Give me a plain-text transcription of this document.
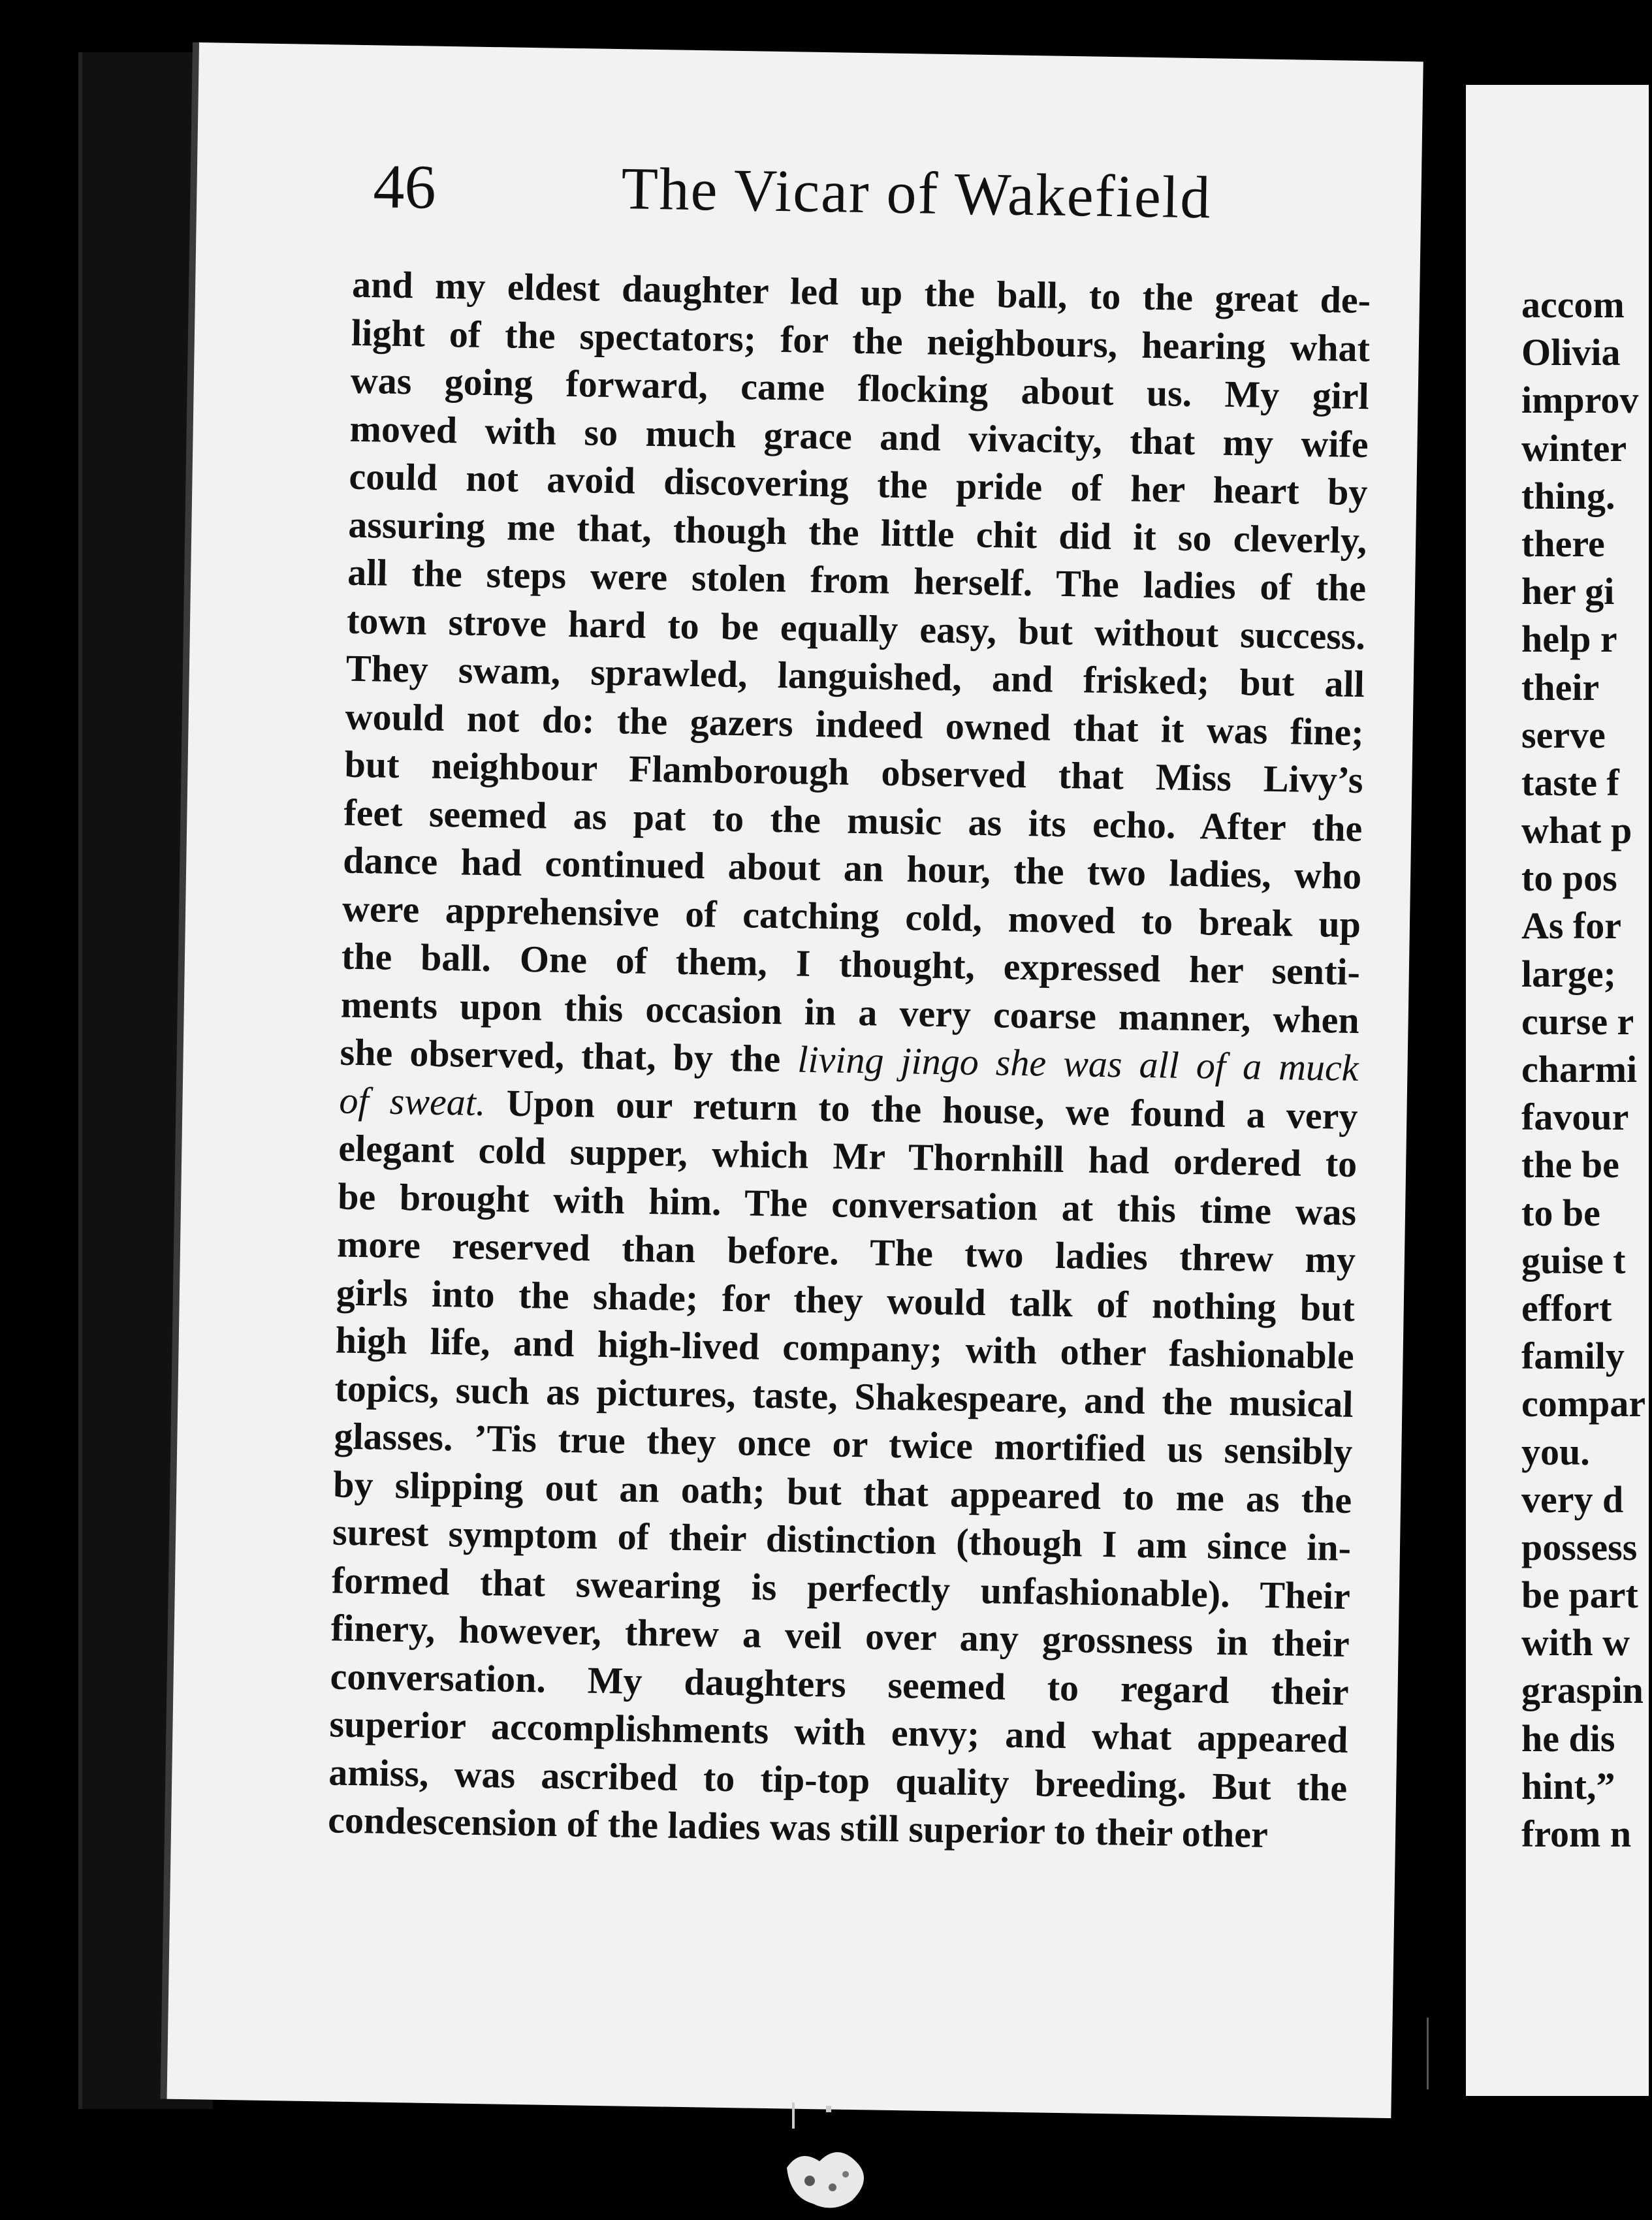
46	The Vicar of Wakefield
and my eldest daughter led up the ball, to the great de-
light of the spectators; for the neighbours, hearing what
was going forward, came flocking about us. My girl
moved with so much grace and vivacity, that my wife
could not avoid discovering the pride of her heart by
assuring me that, though the little chit did it so cleverly,
all the steps were stolen from herself. The ladies of the
town strove hard to be equally easy, but without success.
They swam, sprawled, languished, and frisked; but all
would not do: the gazers indeed owned that it was fine;
but neighbour Flamborough observed that Miss Livy’s
feet seemed as pat to the music as its echo. After the
dance had continued about an hour, the two ladies, who
were apprehensive of catching cold, moved to break up
the ball. One of them, I thought, expressed her senti-
ments upon this occasion in a very coarse manner, when
she observed, that, by the living jingo she was all of a muck
of sweat. Upon our return to the house, we found a very
elegant cold supper, which Mr Thornhill had ordered to
be brought with him. The conversation at this time was
more reserved than before. The two ladies threw my
girls into the shade; for they would talk of nothing but
high life, and high-lived company; with other fashionable
topics, such as pictures, taste, Shakespeare, and the musical
glasses. ’Tis true they once or twice mortified us sensibly
by slipping out an oath; but that appeared to me as the
surest symptom of their distinction (though I am since in-
formed that swearing is perfectly unfashionable). Their
finery, however, threw a veil over any grossness in their
conversation. My daughters seemed to regard their
superior accomplishments with envy; and what appeared
amiss, was ascribed to tip-top quality breeding. But the
condescension of the ladies was still superior to their other
accom
Olivia
improv
winter
thing.
there
her gi
help r
their
serve
taste f
what p
to pos
As for
large;
curse r
charmi
favour
the be
to be
guise t
effort
family
compar
you.
very d
possess
be part
with w
graspin
he dis
hint,”
from n
